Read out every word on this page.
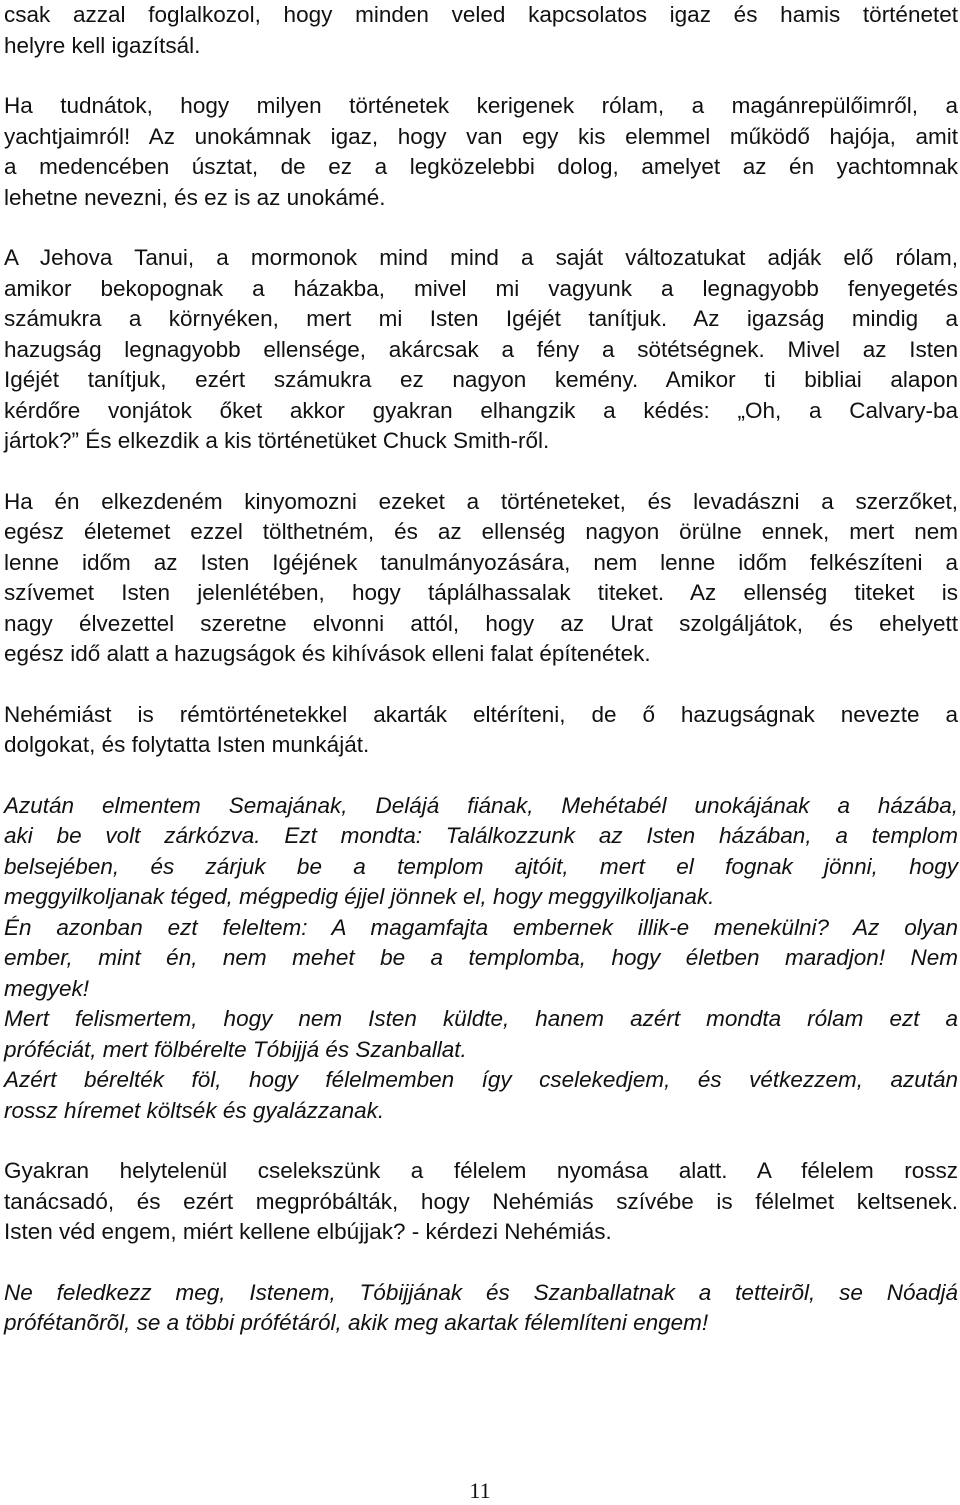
csak azzal foglalkozol, hogy minden veled kapcsolatos igaz és hamis történetet
helyre kell igazítsál.

Ha tudnátok, hogy milyen történetek kerigenek rólam, a magánrepülőimről, a
yachtjaimról! Az unokámnak igaz, hogy van egy kis elemmel működő hajója, amit
a medencében úsztat, de ez a legközelebbi dolog, amelyet az én yachtomnak
lehetne nevezni, és ez is az unokámé.

A Jehova Tanui, a mormonok mind mind a saját változatukat adják elő rólam,
amikor bekopognak a házakba, mivel mi vagyunk a legnagyobb fenyegetés
számukra a környéken, mert mi Isten Igéjét tanítjuk. Az igazság mindig a
hazugság legnagyobb ellensége, akárcsak a fény a sötétségnek. Mivel az Isten
Igéjét tanítjuk, ezért számukra ez nagyon kemény. Amikor ti bibliai alapon
kérdőre vonjátok őket akkor gyakran elhangzik a kédés: „Oh, a Calvary-ba
jártok?” És elkezdik a kis történetüket Chuck Smith-ről.

Ha én elkezdeném kinyomozni ezeket a történeteket, és levadászni a szerzőket,
egész életemet ezzel tölthetném, és az ellenség nagyon örülne ennek, mert nem
lenne időm az Isten Igéjének tanulmányozására, nem lenne időm felkészíteni a
szívemet Isten jelenlétében, hogy táplálhassalak titeket. Az ellenség titeket is
nagy élvezettel szeretne elvonni attól, hogy az Urat szolgáljátok, és ehelyett
egész idő alatt a hazugságok és kihívások elleni falat építenétek.

Nehémiást is rémtörténetekkel akarták eltéríteni, de ő hazugságnak nevezte a
dolgokat, és folytatta Isten munkáját.

Azután elmentem Semajának, Delájá fiának, Mehétabél unokájának a házába,
aki be volt zárkózva. Ezt mondta: Találkozzunk az Isten házában, a templom
belsejében, és zárjuk be a templom ajtóit, mert el fognak jönni, hogy
meggyilkoljanak téged, mégpedig éjjel jönnek el, hogy meggyilkoljanak.
Én azonban ezt feleltem: A magamfajta embernek illik-e menekülni? Az olyan
ember, mint én, nem mehet be a templomba, hogy életben maradjon! Nem
megyek!
Mert felismertem, hogy nem Isten küldte, hanem azért mondta rólam ezt a
próféciát, mert fölbérelte Tóbijjá és Szanballat.
Azért bérelték föl, hogy félelmemben így cselekedjem, és vétkezzem, azután
rossz híremet költsék és gyalázzanak.

Gyakran helytelenül cselekszünk a félelem nyomása alatt. A félelem rossz
tanácsadó, és ezért megpróbálták, hogy Nehémiás szívébe is félelmet keltsenek.
Isten véd engem, miért kellene elbújjak? - kérdezi Nehémiás.

Ne feledkezz meg, Istenem, Tóbijjának és Szanballatnak a tetteirõl, se Nóadjá
prófétanõrõl, se a többi prófétáról, akik meg akartak félemlíteni engem!

11
